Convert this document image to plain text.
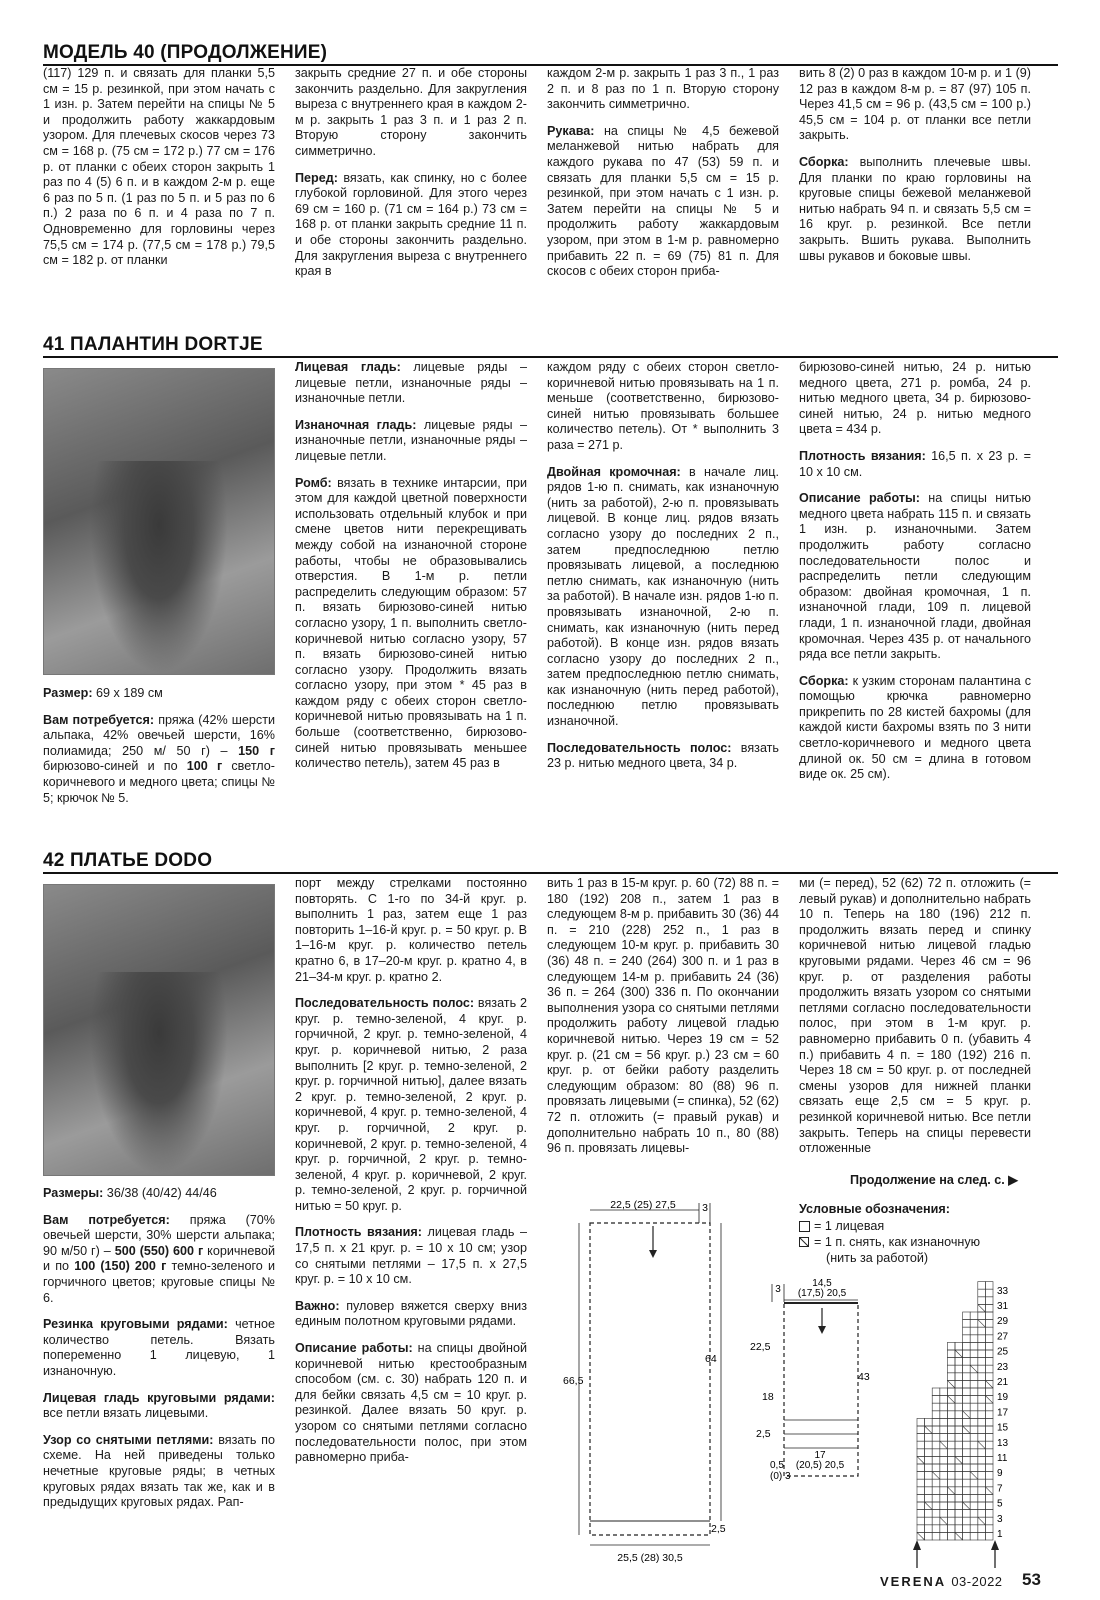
МОДЕЛЬ 40 (ПРОДОЛЖЕНИЕ)

(117) 129 п. и связать для планки 5,5 см = 15 р. резинкой, при этом начать с 1 изн. р. Затем перейти на спицы № 5 и продолжить работу жаккардовым узором. Для плечевых скосов через 73 см = 168 р. (75 см = 172 р.) 77 см = 176 р. от планки с обеих сторон закрыть 1 раз по 4 (5) 6 п. и в каждом 2-м р. еще 6 раз по 5 п. (1 раз по 5 п. и 5 раз по 6 п.) 2 раза по 6 п. и 4 раза по 7 п. Одновременно для горловины через 75,5 см = 174 р. (77,5 см = 178 р.) 79,5 см = 182 р. от планки

закрыть средние 27 п. и обе стороны закончить раздельно. Для закругления выреза с внутреннего края в каждом 2-м р. закрыть 1 раз 3 п. и 1 раз 2 п. Вторую сторону закончить симметрично.

Перед: вязать, как спинку, но с более глубокой горловиной. Для этого через 69 см = 160 р. (71 см = 164 р.) 73 см = 168 р. от планки закрыть средние 11 п. и обе стороны закончить раздельно. Для закругления выреза с внутреннего края в

каждом 2-м р. закрыть 1 раз 3 п., 1 раз 2 п. и 8 раз по 1 п. Вторую сторону закончить симметрично.

Рукава: на спицы № 4,5 бежевой меланжевой нитью набрать для каждого рукава по 47 (53) 59 п. и связать для планки 5,5 см = 15 р. резинкой, при этом начать с 1 изн. р. Затем перейти на спицы № 5 и продолжить работу жаккардовым узором, при этом в 1-м р. равномерно прибавить 22 п. = 69 (75) 81 п. Для скосов с обеих сторон приба-

вить 8 (2) 0 раз в каждом 10-м р. и 1 (9) 12 раз в каждом 8-м р. = 87 (97) 105 п. Через 41,5 см = 96 р. (43,5 см = 100 р.) 45,5 см = 104 р. от планки все петли закрыть.

Сборка: выполнить плечевые швы. Для планки по краю горловины на круговые спицы бежевой меланжевой нитью набрать 94 п. и связать 5,5 см = 16 круг. р. резинкой. Все петли закрыть. Вшить рукава. Выполнить швы рукавов и боковые швы.

41 ПАЛАНТИН DORTJE

Размер: 69 х 189 см

Вам потребуется: пряжа (42% шерсти альпака, 42% овечьей шерсти, 16% полиамида; 250 м/ 50 г) – 150 г бирюзово-синей и по 100 г светло-коричневого и медного цвета; спицы № 5; крючок № 5.

Лицевая гладь: лицевые ряды – лицевые петли, изнаночные ряды – изнаночные петли.

Изнаночная гладь: лицевые ряды – изнаночные петли, изнаночные ряды – лицевые петли.

Ромб: вязать в технике интарсии, при этом для каждой цветной поверхности использовать отдельный клубок и при смене цветов нити перекрещивать между собой на изнаночной стороне работы, чтобы не образовывались отверстия. В 1-м р. петли распределить следующим образом: 57 п. вязать бирюзово-синей нитью согласно узору, 1 п. выполнить светло-коричневой нитью согласно узору, 57 п. вязать бирюзово-синей нитью согласно узору. Продолжить вязать согласно узору, при этом * 45 раз в каждом ряду с обеих сторон светло-коричневой нитью провязывать на 1 п. больше (соответственно, бирюзово-синей нитью провязывать меньшее количество петель), затем 45 раз в

каждом ряду с обеих сторон светло-коричневой нитью провязывать на 1 п. меньше (соответственно, бирюзово-синей нитью провязывать большее количество петель). От * выполнить 3 раза = 271 р.

Двойная кромочная: в начале лиц. рядов 1-ю п. снимать, как изнаночную (нить за работой), 2-ю п. провязывать лицевой. В конце лиц. рядов вязать согласно узору до последних 2 п., затем предпоследнюю петлю провязывать лицевой, а последнюю петлю снимать, как изнаночную (нить за работой). В начале изн. рядов 1-ю п. провязывать изнаночной, 2-ю п. снимать, как изнаночную (нить перед работой). В конце изн. рядов вязать согласно узору до последних 2 п., затем предпоследнюю петлю снимать, как изнаночную (нить перед работой), последнюю петлю провязывать изнаночной.

Последовательность полос: вязать 23 р. нитью медного цвета, 34 р.

бирюзово-синей нитью, 24 р. нитью медного цвета, 271 р. ромба, 24 р. нитью медного цвета, 34 р. бирюзово-синей нитью, 24 р. нитью медного цвета = 434 р.

Плотность вязания: 16,5 п. х 23 р. = 10 х 10 см.

Описание работы: на спицы нитью медного цвета набрать 115 п. и связать 1 изн. р. изнаночными. Затем продолжить работу согласно последовательности полос и распределить петли следующим образом: двойная кромочная, 1 п. изнаночной глади, 109 п. лицевой глади, 1 п. изнаночной глади, двойная кромочная. Через 435 р. от начального ряда все петли закрыть.

Сборка: к узким сторонам палантина с помощью крючка равномерно прикрепить по 28 кистей бахромы (для каждой кисти бахромы взять по 3 нити светло-коричневого и медного цвета длиной ок. 50 см = длина в готовом виде ок. 25 см).

42 ПЛАТЬЕ DODO

Размеры: 36/38 (40/42) 44/46

Вам потребуется: пряжа (70% овечьей шерсти, 30% шерсти альпака; 90 м/50 г) – 500 (550) 600 г коричневой и по 100 (150) 200 г темно-зеленого и горчичного цветов; круговые спицы № 6.

Резинка круговыми рядами: четное количество петель. Вязать попеременно 1 лицевую, 1 изнаночную.

Лицевая гладь круговыми рядами: все петли вязать лицевыми.

Узор со снятыми петлями: вязать по схеме. На ней приведены только нечетные круговые ряды; в четных круговых рядах вязать так же, как и в предыдущих круговых рядах. Рап-

порт между стрелками постоянно повторять. С 1-го по 34-й круг. р. выполнить 1 раз, затем еще 1 раз повторить 1–16-й круг. р. = 50 круг. р. В 1–16-м круг. р. количество петель кратно 6, в 17–20-м круг. р. кратно 4, в 21–34-м круг. р. кратно 2.

Последовательность полос: вязать 2 круг. р. темно-зеленой, 4 круг. р. горчичной, 2 круг. р. темно-зеленой, 4 круг. р. коричневой нитью, 2 раза выполнить [2 круг. р. темно-зеленой, 2 круг. р. горчичной нитью], далее вязать 2 круг. р. темно-зеленой, 2 круг. р. коричневой, 4 круг. р. темно-зеленой, 4 круг. р. горчичной, 2 круг. р. коричневой, 2 круг. р. темно-зеленой, 4 круг. р. горчичной, 2 круг. р. темно-зеленой, 4 круг. р. коричневой, 2 круг. р. темно-зеленой, 2 круг. р. горчичной нитью = 50 круг. р.

Плотность вязания: лицевая гладь – 17,5 п. х 21 круг. р. = 10 х 10 см; узор со снятыми петлями – 17,5 п. х 27,5 круг. р. = 10 х 10 см.

Важно: пуловер вяжется сверху вниз единым полотном круговыми рядами.

Описание работы: на спицы двойной коричневой нитью крестообразным способом (см. с. 30) набрать 120 п. и для бейки связать 4,5 см = 10 круг. р. резинкой. Далее вязать 50 круг. р. узором со снятыми петлями согласно последовательности полос, при этом равномерно приба-

вить 1 раз в 15-м круг. р. 60 (72) 88 п. = 180 (192) 208 п., затем 1 раз в следующем 8-м р. прибавить 30 (36) 44 п. = 210 (228) 252 п., 1 раз в следующем 10-м круг. р. прибавить 30 (36) 48 п. = 240 (264) 300 п. и 1 раз в следующем 14-м р. прибавить 24 (36) 36 п. = 264 (300) 336 п. По окончании выполнения узора со снятыми петлями продолжить работу лицевой гладью коричневой нитью. Через 19 см = 52 круг. р. (21 см = 56 круг. р.) 23 см = 60 круг. р. от бейки работу разделить следующим образом: 80 (88) 96 п. провязать лицевыми (= спинка), 52 (62) 72 п. отложить (= правый рукав) и дополнительно набрать 10 п., 80 (88) 96 п. провязать лицевы-

ми (= перед), 52 (62) 72 п. отложить (= левый рукав) и дополнительно набрать 10 п. Теперь на 180 (196) 212 п. продолжить вязать перед и спинку коричневой нитью лицевой гладью круговыми рядами. Через 46 см = 96 круг. р. от разделения работы продолжить вязать узором со снятыми петлями согласно последовательности полос, при этом в 1-м круг. р. равномерно прибавить 0 п. (убавить 4 п.) прибавить 4 п. = 180 (192) 216 п. Через 18 см = 50 круг. р. от последней смены узоров для нижней планки связать еще 2,5 см = 5 круг. р. резинкой коричневой нитью. Все петли закрыть. Теперь на спицы перевести отложенные

Продолжение на след. с. ▶
Условные обозначения:
= 1 лицевая
= 1 п. снять, как изнаночную
(нить за работой)
22,5 (25) 27,5	3
66,5
64
2,5
25,5 (28) 30,5
3
14,5
(17,5) 20,5
22,5
18
2,5
43
17
(20,5) 20,5
0,5
(0) 3
1
3
5
7
9
11
13
15
17
19
21
23
25
27
29
31
33
VERENA 03-2022 53
